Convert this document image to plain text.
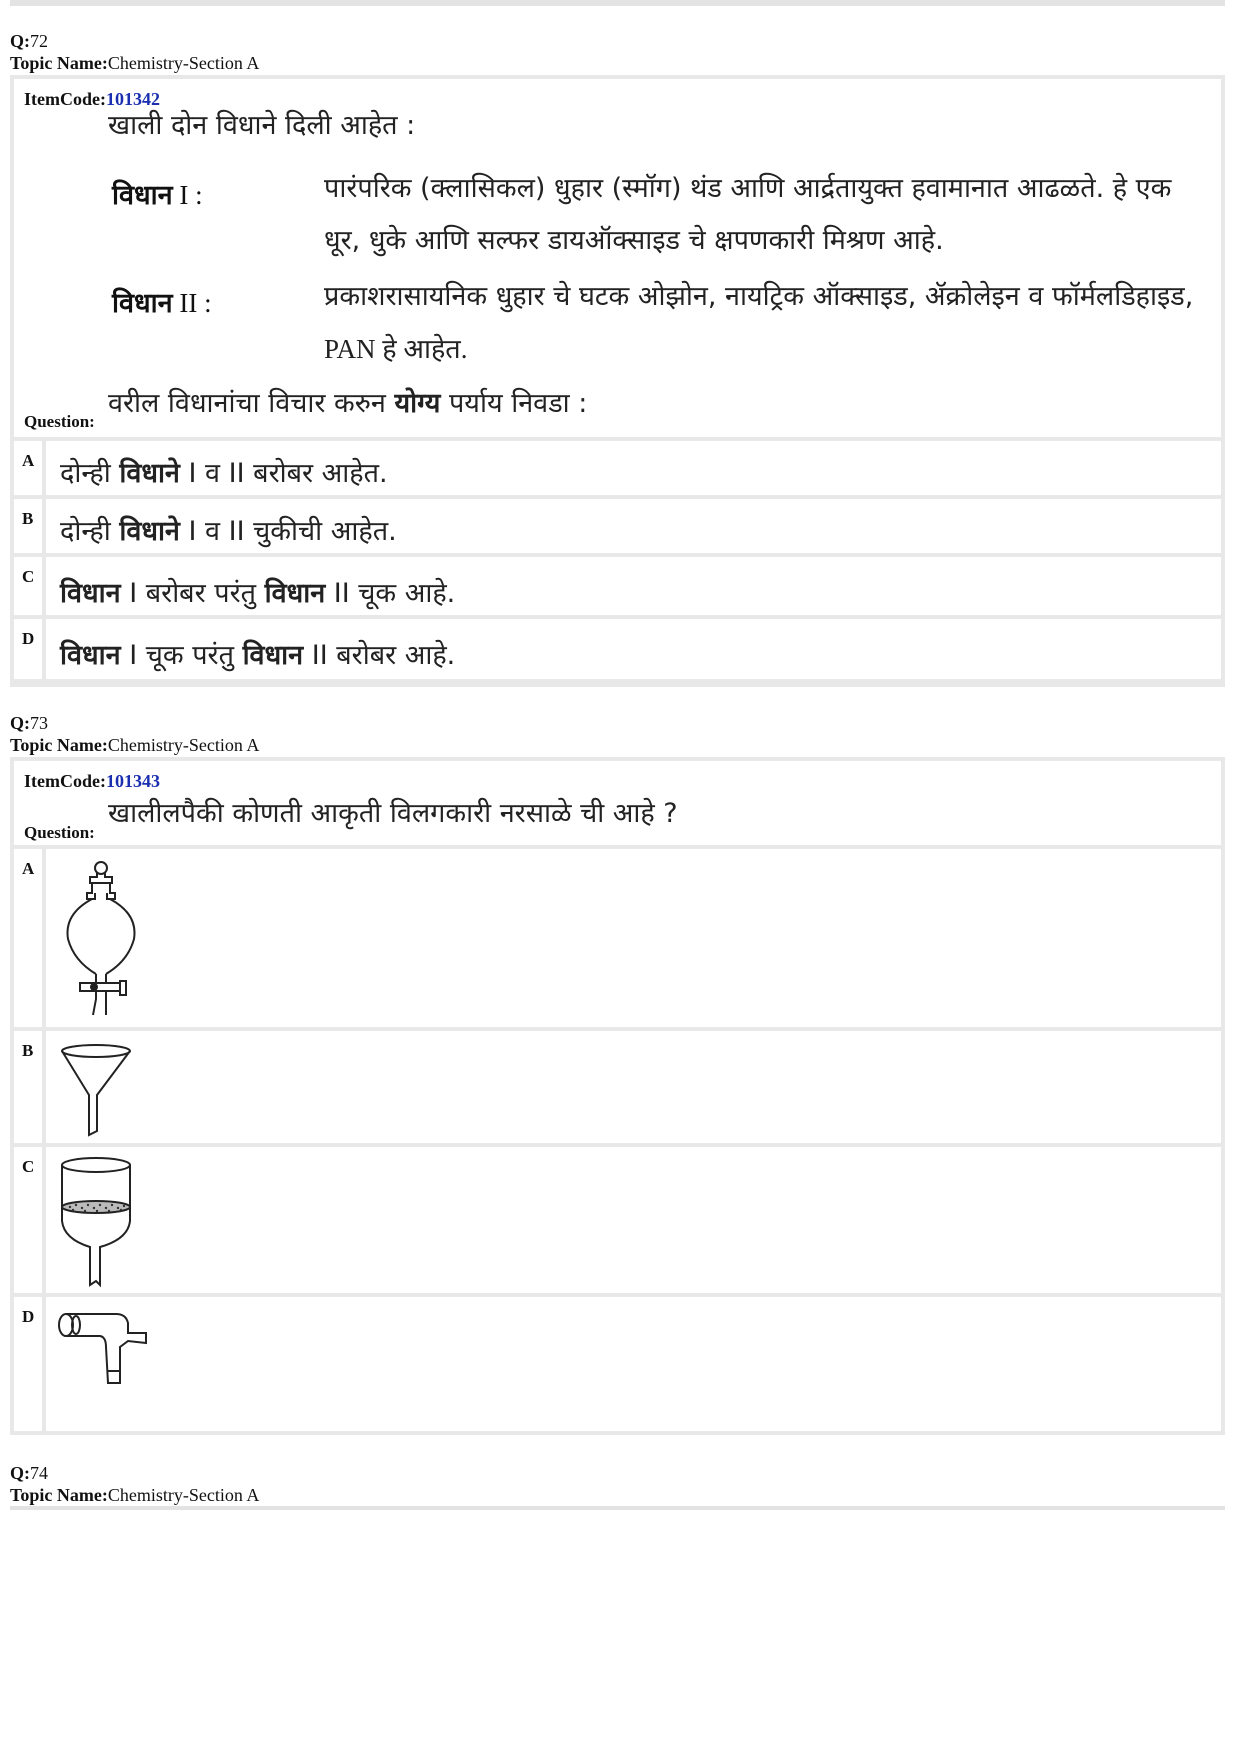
Q:72
Topic Name:Chemistry-Section A
ItemCode:101342
खाली दोन विधाने दिली आहेत :
विधान I :	पारंपरिक (क्लासिकल) धुहार (स्मॉग) थंड आणि आर्द्रतायुक्त हवामानात आढळते. हे एक
धूर, धुके आणि सल्फर डायऑक्साइड चे क्षपणकारी मिश्रण आहे.
विधान II :	प्रकाशरासायनिक धुहार चे घटक ओझोन, नायट्रिक ऑक्साइड, ॲक्रोलेइन व फॉर्मलडिहाइड,
PAN हे आहेत.
Question:
वरील विधानांचा विचार करुन योग्य पर्याय निवडा :
A दोन्ही विधाने I व II बरोबर आहेत.
B दोन्ही विधाने I व II चुकीची आहेत.
C
विधान I बरोबर परंतु विधान II चूक आहे.
D
विधान I चूक परंतु विधान II बरोबर आहे.
Q:73
Topic Name:Chemistry-Section A
ItemCode:101343
Question:
खालीलपैकी कोणती आकृती विलगकारी नरसाळे ची आहे ?
A
B
C
D
Q:74
Topic Name:Chemistry-Section A
